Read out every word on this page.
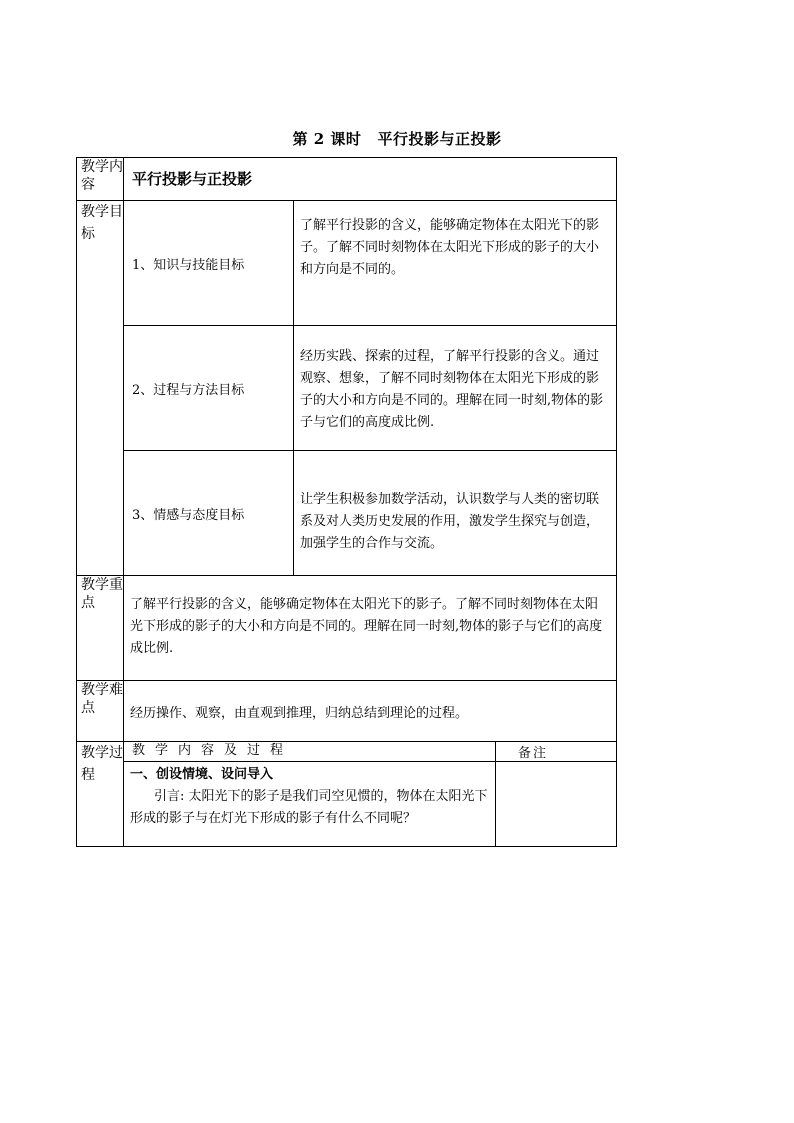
第 2 课时 平行投影与正投影
教学内容	平行投影与正投影		
教学目标	1、知识与技能目标	了解平行投影的含义，能够确定物体在太阳光下的影子。了解不同时刻物体在太阳光下形成的影子的大小和方向是不同的。	
	2、过程与方法目标	经历实践、探索的过程，了解平行投影的含义。通过观察、想象，了解不同时刻物体在太阳光下形成的影子的大小和方向是不同的。理解在同一时刻,物体的影子与它们的高度成比例.	
	3、情感与态度目标	让学生积极参加数学活动，认识数学与人类的密切联系及对人类历史发展的作用，激发学生探究与创造，加强学生的合作与交流。	
教学重点	了解平行投影的含义，能够确定物体在太阳光下的影子。了解不同时刻物体在太阳光下形成的影子的大小和方向是不同的。理解在同一时刻,物体的影子与它们的高度成比例.		
教学难点	经历操作、观察，由直观到推理，归纳总结到理论的过程。		
教学过程	教学内容及过程		备注

	一、创设情境、设问导入
引言: 太阳光下的影子是我们司空见惯的，物体在太阳光下形成的影子与在灯光下形成的影子有什么不同呢？		
